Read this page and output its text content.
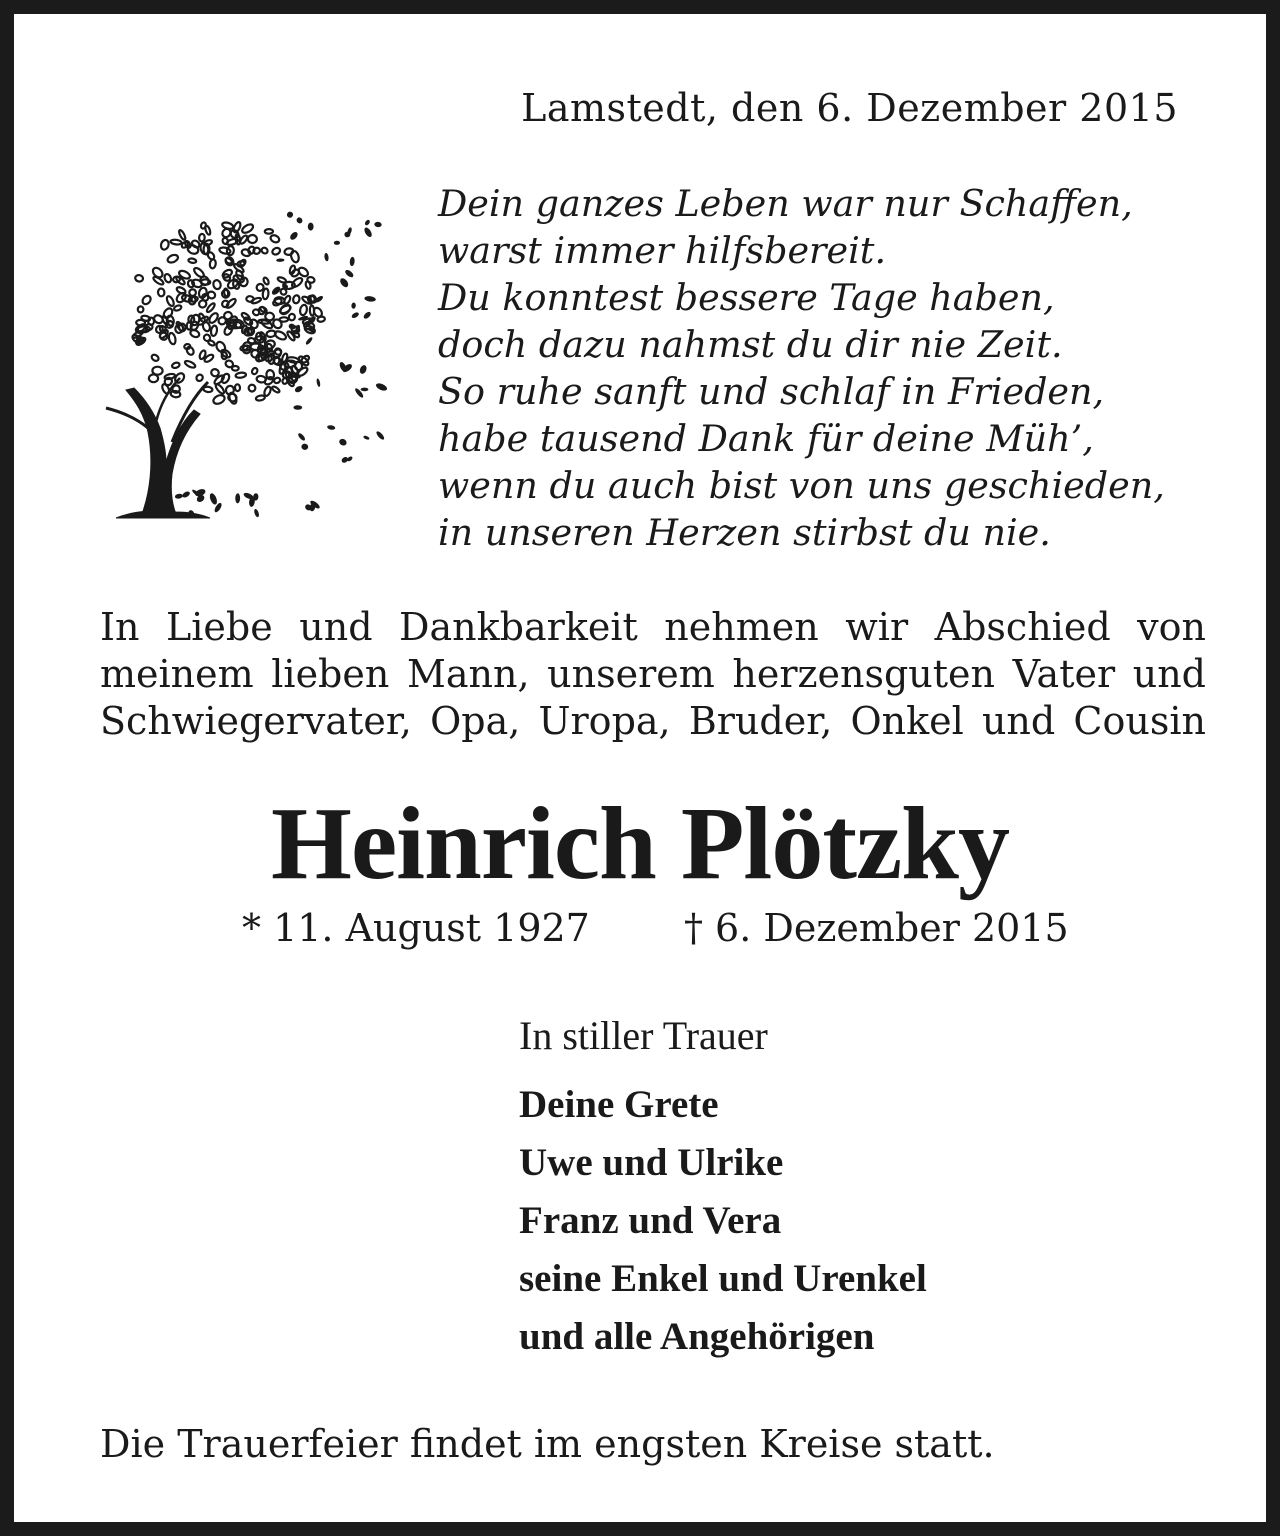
Lamstedt, den 6. Dezember 2015
Dein ganzes Leben war nur Schaffen,
warst immer hilfsbereit.
Du konntest bessere Tage haben,
doch dazu nahmst du dir nie Zeit.
So ruhe sanft und schlaf in Frieden,
habe tausend Dank für deine Müh’,
wenn du auch bist von uns geschieden,
in unseren Herzen stirbst du nie.
In Liebe und Dankbarkeit nehmen wir Abschied von
meinem lieben Mann, unserem herzensguten Vater und
Schwiegervater, Opa, Uropa, Bruder, Onkel und Cousin
Heinrich Plötzky
* 11. August 1927 † 6. Dezember 2015
In stiller Trauer
Deine Grete
Uwe und Ulrike
Franz und Vera
seine Enkel und Urenkel
und alle Angehörigen
Die Trauerfeier findet im engsten Kreise statt.
